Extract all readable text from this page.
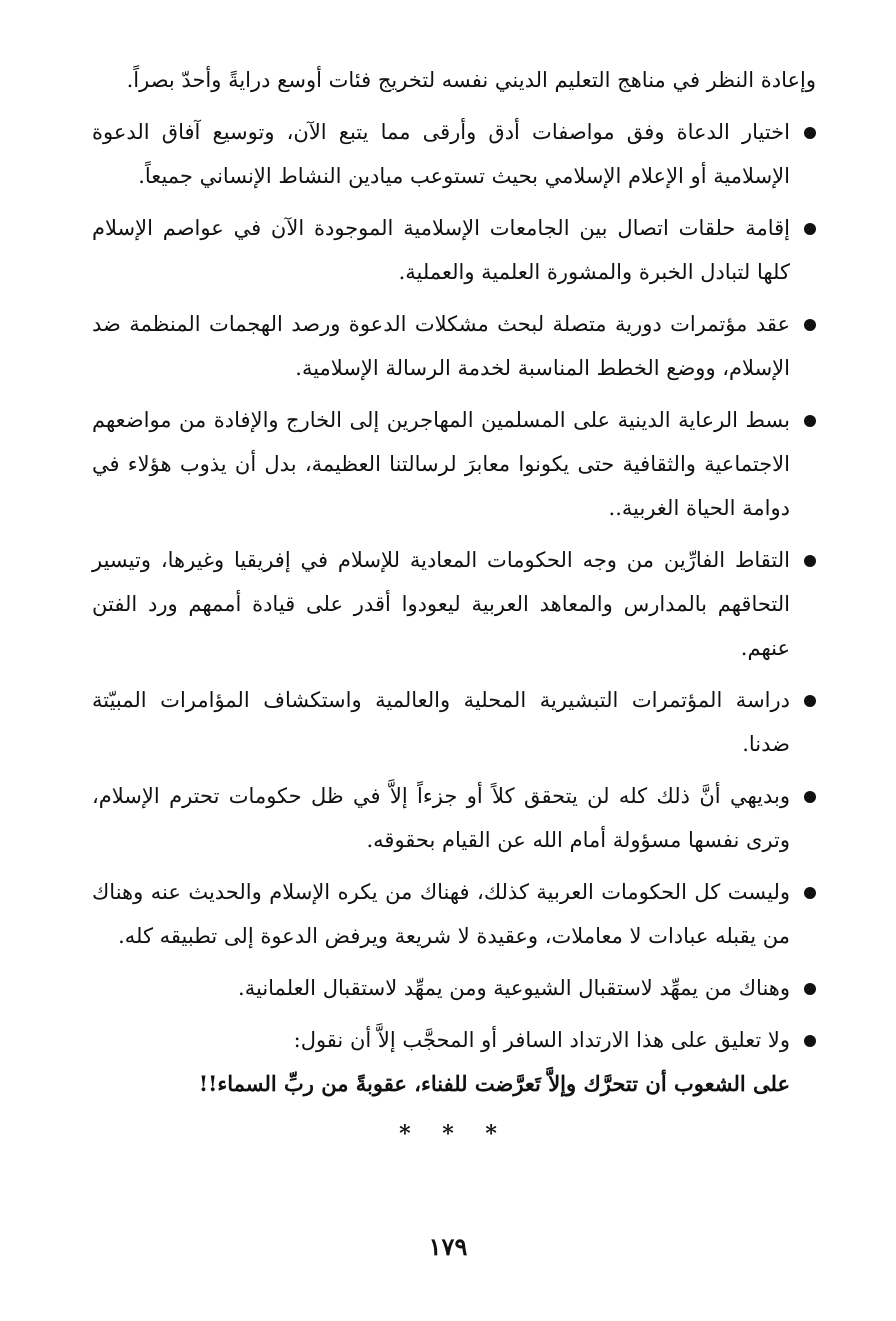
وإعادة النظر في مناهج التعليم الديني نفسه لتخريج فئات أوسع درايةً وأحدّ بصراً.

اختيار الدعاة وفق مواصفات أدق وأرقى مما يتبع الآن، وتوسيع آفاق الدعوة الإسلامية أو الإعلام الإسلامي بحيث تستوعب ميادين النشاط الإنساني جميعاً.

إقامة حلقات اتصال بين الجامعات الإسلامية الموجودة الآن في عواصم الإسلام كلها لتبادل الخبرة والمشورة العلمية والعملية.

عقد مؤتمرات دورية متصلة لبحث مشكلات الدعوة ورصد الهجمات المنظمة ضد الإسلام، ووضع الخطط المناسبة لخدمة الرسالة الإسلامية.

بسط الرعاية الدينية على المسلمين المهاجرين إلى الخارج والإفادة من مواضعهم الاجتماعية والثقافية حتى يكونوا معابرَ لرسالتنا العظيمة، بدل أن يذوب هؤلاء في دوامة الحياة الغربية..

التقاط الفارِّين من وجه الحكومات المعادية للإسلام في إفريقيا وغيرها، وتيسير التحاقهم بالمدارس والمعاهد العربية ليعودوا أقدر على قيادة أممهم ورد الفتن عنهم.

دراسة المؤتمرات التبشيرية المحلية والعالمية واستكشاف المؤامرات المبيّتة ضدنا.

وبديهي أنَّ ذلك كله لن يتحقق كلاً أو جزءاً إلاَّ في ظل حكومات تحترم الإسلام، وترى نفسها مسؤولة أمام الله عن القيام بحقوقه.

وليست كل الحكومات العربية كذلك، فهناك من يكره الإسلام والحديث عنه وهناك من يقبله عبادات لا معاملات، وعقيدة لا شريعة ويرفض الدعوة إلى تطبيقه كله.

وهناك من يمهِّد لاستقبال الشيوعية ومن يمهِّد لاستقبال العلمانية.

ولا تعليق على هذا الارتداد السافر أو المحجَّب إلاَّ أن نقول:

على الشعوب أن تتحرَّك وإلاَّ تَعرَّضت للفناء، عقوبةً من ربِّ السماء!!

* * *
١٧٩
